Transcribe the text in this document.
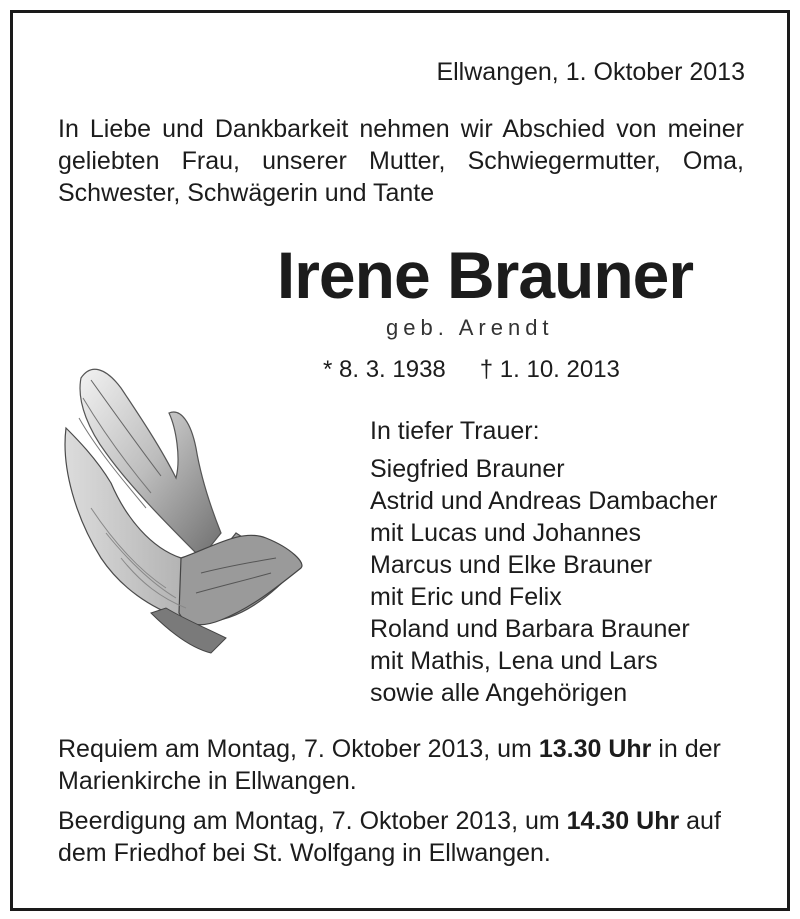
Ellwangen, 1. Oktober 2013
In Liebe und Dankbarkeit nehmen wir Abschied von meiner geliebten Frau, unserer Mutter, Schwiegermutter, Oma, Schwester, Schwägerin und Tante
Irene Brauner
geb. Arendt
* 8. 3. 1938 † 1. 10. 2013
In tiefer Trauer:
Siegfried Brauner
Astrid und Andreas Dambacher
mit Lucas und Johannes
Marcus und Elke Brauner
mit Eric und Felix
Roland und Barbara Brauner
mit Mathis, Lena und Lars
sowie alle Angehörigen
Requiem am Montag, 7. Oktober 2013, um 13.30 Uhr in der Marienkirche in Ellwangen.
Beerdigung am Montag, 7. Oktober 2013, um 14.30 Uhr auf dem Friedhof bei St. Wolfgang in Ellwangen.
